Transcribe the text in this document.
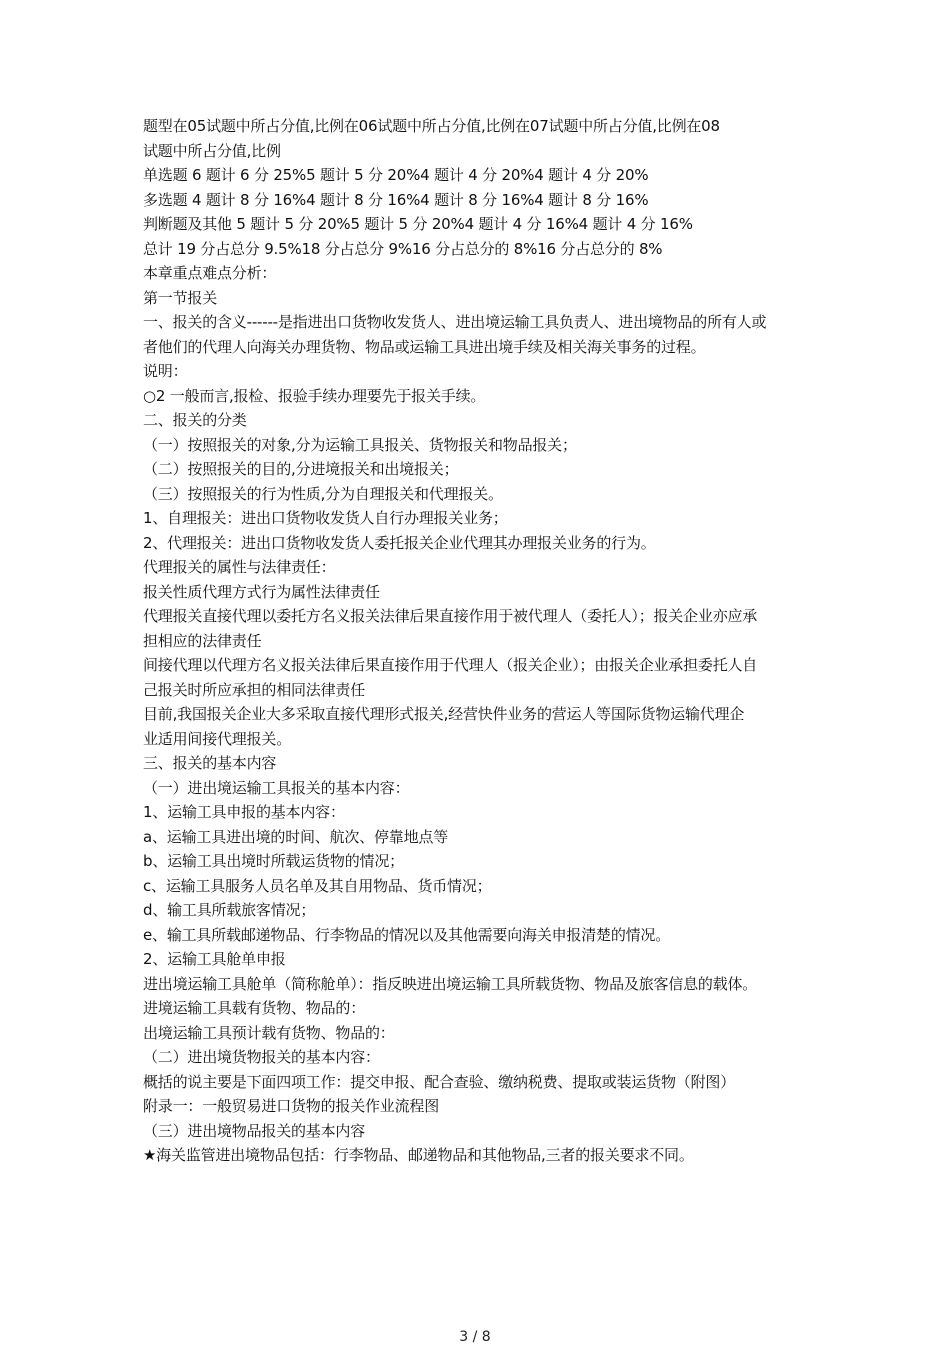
题型在05试题中所占分值,比例在06试题中所占分值,比例在07试题中所占分值,比例在08
试题中所占分值,比例
单选题 6 题计 6 分 25%5 题计 5 分 20%4 题计 4 分 20%4 题计 4 分 20%
多选题 4 题计 8 分 16%4 题计 8 分 16%4 题计 8 分 16%4 题计 8 分 16%
判断题及其他 5 题计 5 分 20%5 题计 5 分 20%4 题计 4 分 16%4 题计 4 分 16%
总计 19 分占总分 9.5%18 分占总分 9%16 分占总分的 8%16 分占总分的 8%
本章重点难点分析：
第一节报关
一、报关的含义------是指进出口货物收发货人、进出境运输工具负责人、进出境物品的所有人或
者他们的代理人向海关办理货物、物品或运输工具进出境手续及相关海关事务的过程。
说明：
○2 一般而言,报检、报验手续办理要先于报关手续。
二、报关的分类
（一）按照报关的对象,分为运输工具报关、货物报关和物品报关；
（二）按照报关的目的,分进境报关和出境报关；
（三）按照报关的行为性质,分为自理报关和代理报关。
1、自理报关：进出口货物收发货人自行办理报关业务；
2、代理报关：进出口货物收发货人委托报关企业代理其办理报关业务的行为。
代理报关的属性与法律责任：
报关性质代理方式行为属性法律责任
代理报关直接代理以委托方名义报关法律后果直接作用于被代理人（委托人）；报关企业亦应承
担相应的法律责任
间接代理以代理方名义报关法律后果直接作用于代理人（报关企业）；由报关企业承担委托人自
己报关时所应承担的相同法律责任
目前,我国报关企业大多采取直接代理形式报关,经营快件业务的营运人等国际货物运输代理企
业适用间接代理报关。
三、报关的基本内容
（一）进出境运输工具报关的基本内容：
1、运输工具申报的基本内容：
a、运输工具进出境的时间、航次、停靠地点等
b、运输工具出境时所载运货物的情况；
c、运输工具服务人员名单及其自用物品、货币情况；
d、输工具所载旅客情况；
e、输工具所载邮递物品、行李物品的情况以及其他需要向海关申报清楚的情况。
2、运输工具舱单申报
进出境运输工具舱单（简称舱单）：指反映进出境运输工具所载货物、物品及旅客信息的载体。
进境运输工具载有货物、物品的：
出境运输工具预计载有货物、物品的：
（二）进出境货物报关的基本内容：
概括的说主要是下面四项工作：提交申报、配合查验、缴纳税费、提取或装运货物（附图）
附录一：一般贸易进口货物的报关作业流程图
（三）进出境物品报关的基本内容
★海关监管进出境物品包括：行李物品、邮递物品和其他物品,三者的报关要求不同。
3 / 8
